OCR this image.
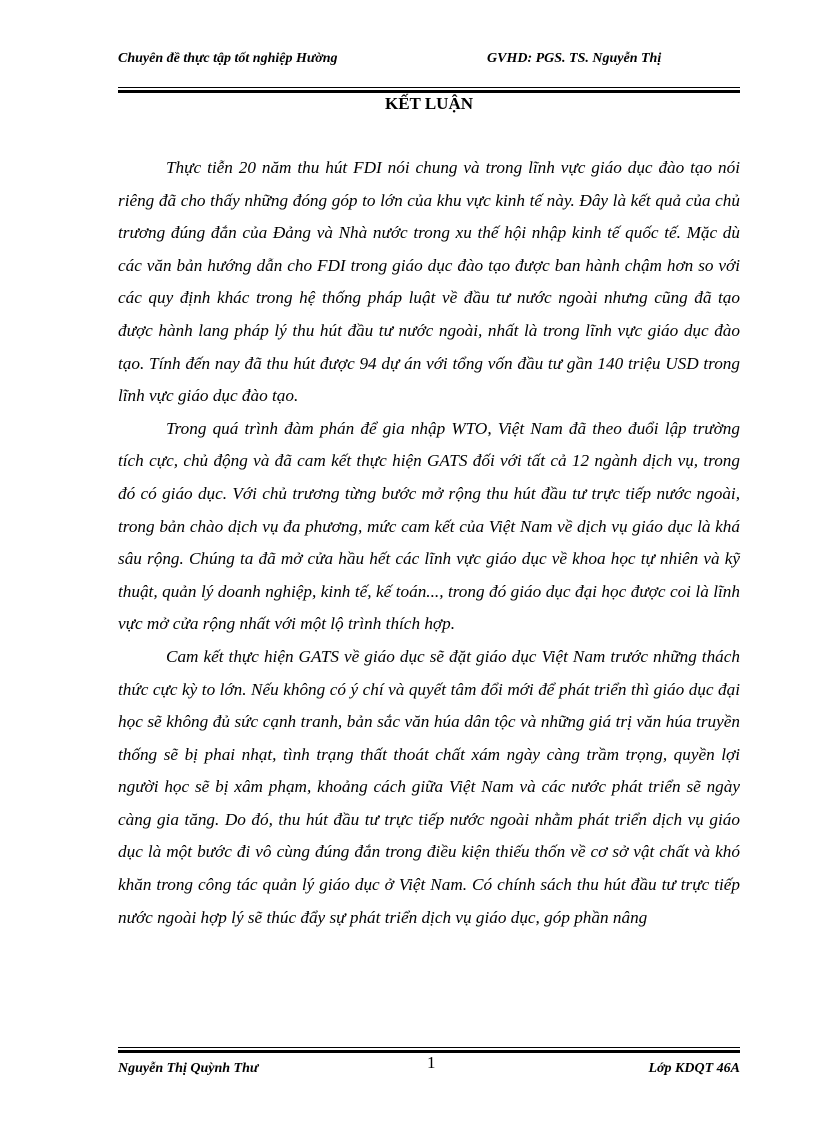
Chuyên đề thực tập tốt nghiệp Hường	GVHD: PGS. TS. Nguyễn Thị
KẾT LUẬN

Thực tiễn 20 năm thu hút FDI nói chung và trong lĩnh vực giáo dục đào tạo nói riêng đã cho thấy những đóng góp to lớn của khu vực kinh tế này. Đây là kết quả của chủ trương đúng đắn của Đảng và Nhà nước trong xu thế hội nhập kinh tế quốc tế. Mặc dù các văn bản hướng dẫn cho FDI trong giáo dục đào tạo được ban hành chậm hơn so với các quy định khác trong hệ thống pháp luật về đầu tư nước ngoài nhưng cũng đã tạo được hành lang pháp lý thu hút đầu tư nước ngoài, nhất là trong lĩnh vực giáo dục đào tạo. Tính đến nay đã thu hút được 94 dự án với tổng vốn đầu tư gần 140 triệu USD trong lĩnh vực giáo dục đào tạo.

Trong quá trình đàm phán để gia nhập WTO, Việt Nam đã theo đuổi lập trường tích cực, chủ động và đã cam kết thực hiện GATS đối với tất cả 12 ngành dịch vụ, trong đó có giáo dục. Với chủ trương từng bước mở rộng thu hút đầu tư trực tiếp nước ngoài, trong bản chào dịch vụ đa phương, mức cam kết của Việt Nam về dịch vụ giáo dục là khá sâu rộng. Chúng ta đã mở cửa hầu hết các lĩnh vực giáo dục về khoa học tự nhiên và kỹ thuật, quản lý doanh nghiệp, kinh tế, kế toán..., trong đó giáo dục đại học được coi là lĩnh vực mở cửa rộng nhất với một lộ trình thích hợp.

Cam kết thực hiện GATS về giáo dục sẽ đặt giáo dục Việt Nam trước những thách thức cực kỳ to lớn. Nếu không có ý chí và quyết tâm đổi mới để phát triển thì giáo dục đại học sẽ không đủ sức cạnh tranh, bản sắc văn húa dân tộc và những giá trị văn húa truyền thống sẽ bị phai nhạt, tình trạng thất thoát chất xám ngày càng trầm trọng, quyền lợi người học sẽ bị xâm phạm, khoảng cách giữa Việt Nam và các nước phát triển sẽ ngày càng gia tăng. Do đó, thu hút đầu tư trực tiếp nước ngoài nhằm phát triển dịch vụ giáo dục là một bước đi vô cùng đúng đắn trong điều kiện thiếu thốn về cơ sở vật chất và khó khăn trong công tác quản lý giáo dục ở Việt Nam. Có chính sách thu hút đầu tư trực tiếp nước ngoài hợp lý sẽ thúc đẩy sự phát triển dịch vụ giáo dục, góp phần nâng

Nguyễn Thị Quỳnh Thư	1	Lớp KDQT 46A
